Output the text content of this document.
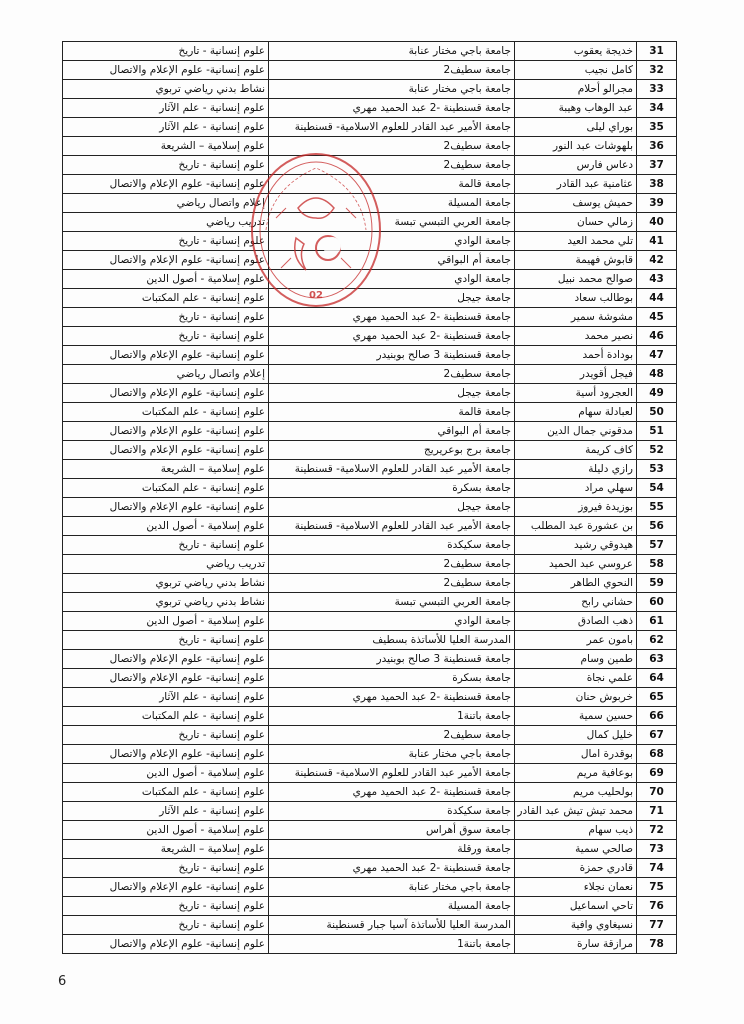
31	خديجة يعقوب	جامعة باجي مختار عنابة	علوم إنسانية - تاريخ
32	كامل نجيب	جامعة سطيف2	علوم إنسانية- علوم الإعلام والاتصال
33	مجرالو أحلام	جامعة باجي مختار عنابة	نشاط بدني رياضي تربوي
34	عبد الوهاب وهيبة	جامعة قسنطينة -2 عبد الحميد مهري	علوم إنسانية - علم الآثار
35	بوراي ليلى	جامعة الأمير عبد القادر للعلوم الاسلامية- قسنطينة	علوم إنسانية - علم الآثار
36	بلهوشات عبد النور	جامعة سطيف2	علوم إسلامية – الشريعة
37	دعاس فارس	جامعة سطيف2	علوم إنسانية - تاريخ
38	عثامنية عبد القادر	جامعة قالمة	علوم إنسانية- علوم الإعلام والاتصال
39	حميش يوسف	جامعة المسيلة	إعلام واتصال رياضي
40	زمالي حسان	جامعة العربي التبسي تبسة	تدريب رياضي
41	تلي محمد العيد	جامعة الوادي	علوم إنسانية - تاريخ
42	قابوش فهيمة	جامعة أم البواقي	علوم إنسانية- علوم الإعلام والاتصال
43	صوالح محمد نبيل	جامعة الوادي	علوم إسلامية - أصول الدين
44	بوطالب سعاد	جامعة جيجل	علوم إنسانية - علم المكتبات
45	مشوشة سمير	جامعة قسنطينة -2 عبد الحميد مهري	علوم إنسانية - تاريخ
46	نصير محمد	جامعة قسنطينة -2 عبد الحميد مهري	علوم إنسانية - تاريخ
47	بودادة أحمد	جامعة قسنطينة 3 صالح بوبنيدر	علوم إنسانية- علوم الإعلام والاتصال
48	فيجل أقويدر	جامعة سطيف2	إعلام واتصال رياضي
49	العجرود أسية	جامعة جيجل	علوم إنسانية- علوم الإعلام والاتصال
50	لعبادلة سهام	جامعة قالمة	علوم إنسانية - علم المكتبات
51	مدقوني جمال الدين	جامعة أم البواقي	علوم إنسانية- علوم الإعلام والاتصال
52	كاف كريمة	جامعة برج بوعريريج	علوم إنسانية- علوم الإعلام والاتصال
53	رازي دليلة	جامعة الأمير عبد القادر للعلوم الاسلامية- قسنطينة	علوم إسلامية – الشريعة
54	سهلي مراد	جامعة بسكرة	علوم إنسانية - علم المكتبات
55	بوزيدة فيروز	جامعة جيجل	علوم إنسانية- علوم الإعلام والاتصال
56	بن عشورة عبد المطلب	جامعة الأمير عبد القادر للعلوم الاسلامية- قسنطينة	علوم إسلامية - أصول الدين
57	هيدوقي رشيد	جامعة سكيكدة	علوم إنسانية - تاريخ
58	عروسي عبد الحميد	جامعة سطيف2	تدريب رياضي
59	النحوي الطاهر	جامعة سطيف2	نشاط بدني رياضي تربوي
60	حشاني رابح	جامعة العربي التبسي تبسة	نشاط بدني رياضي تربوي
61	ذهب الصادق	جامعة الوادي	علوم إسلامية - أصول الدين
62	بامون عمر	المدرسة العليا للأساتذة بسطيف	علوم إنسانية - تاريخ
63	طمين وسام	جامعة قسنطينة 3 صالح بوبنيدر	علوم إنسانية- علوم الإعلام والاتصال
64	علمي نجاة	جامعة بسكرة	علوم إنسانية- علوم الإعلام والاتصال
65	خربوش حنان	جامعة قسنطينة -2 عبد الحميد مهري	علوم إنسانية - علم الآثار
66	حسين سمية	جامعة باتنة1	علوم إنسانية - علم المكتبات
67	خليل كمال	جامعة سطيف2	علوم إنسانية - تاريخ
68	بوقدرة امال	جامعة باجي مختار عنابة	علوم إنسانية- علوم الإعلام والاتصال
69	بوعافية مريم	جامعة الأمير عبد القادر للعلوم الاسلامية- قسنطينة	علوم إسلامية - أصول الدين
70	بولحليب مريم	جامعة قسنطينة -2 عبد الحميد مهري	علوم إنسانية - علم المكتبات
71	محمد تيش تيش عبد القادر	جامعة سكيكدة	علوم إنسانية - علم الآثار
72	ذيب سهام	جامعة سوق أهراس	علوم إسلامية - أصول الدين
73	صالحي سمية	جامعة ورقلة	علوم إسلامية – الشريعة
74	قادري حمزة	جامعة قسنطينة -2 عبد الحميد مهري	علوم إنسانية - تاريخ
75	نعمان نجلاء	جامعة باجي مختار عنابة	علوم إنسانية- علوم الإعلام والاتصال
76	تاحي اسماعيل	جامعة المسيلة	علوم إنسانية - تاريخ
77	نسيغاوي وافية	المدرسة العليا للأساتذة آسيا جبار قسنطينة	علوم إنسانية - تاريخ
78	مرازقة سارة	جامعة باتنة1	علوم إنسانية- علوم الإعلام والاتصال
02
6
